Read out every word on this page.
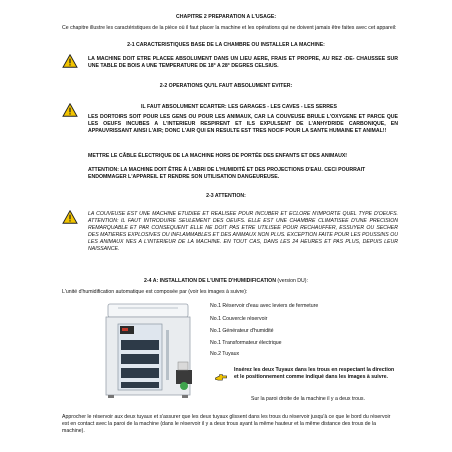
CHAPITRE 2 PREPARATION A L'USAGE:
Ce chapitre illustre les caractéristiques de la pièce où il faut placer la machine et les opérations qui ne doivent jamais être faites avec cet appareil:
2-1 CARACTERISTIQUES BASE DE LA CHAMBRE OU INSTALLER LA MACHINE:
LA MACHINE DOIT ETRE PLACEE ABSOLUMENT DANS UN LIEU AERE, FRAIS ET PROPRE, AU REZ -DE- CHAUSSEE SUR UNE TABLE DE BOIS A UNE TEMPERATURE DE 18° A 28° DEGRES CELSIUS.
2-2 OPERATIONS QU'IL FAUT ABSOLUMENT EVITER:
IL FAUT ABSOLUMENT ECARTER: LES GARAGES - LES CAVES - LES SERRES
LES DORTOIRS SOIT POUR LES GENS OU POUR LES ANIMAUX, CAR LA COUVEUSE BRULE L'OXYGENE ET PARCE QUE LES OEUFS INCUBES A L'INTERIEUR RESPIRENT ET ILS EXPULSENT DE L'ANHYDRIDE CARBONIQUE, EN APPAUVRISSANT AINSI L'AIR; DONC L'AIR QUI EN RESULTE EST TRES NOCIF POUR LA SANTE HUMAINE ET ANIMAL!!
METTRE LE CÂBLE ÉLECTRIQUE DE LA MACHINE HORS DE PORTÉE DES ENFANTS ET DES ANIMAUX!
ATTENTION: LA MACHINE DOIT ÊTRE À L'ABRI DE L'HUMIDITÉ ET DES PROJECTIONS D'EAU. CECI POURRAIT ENDOMMAGER L'APPAREIL ET RENDRE SON UTILISATION DANGEUREUSE.
2-3 ATTENTION:
LA COUVEUSE EST UNE MACHINE ETUDIEE ET REALISEE POUR INCUBER ET ECLORE N'IMPORTE QUEL TYPE D'OEUFS. ATTENTION: IL FAUT INTRODUIRE SEULEMENT DES OEUFS. ELLE EST UNE CHAMBRE CLIMATISEE D'UNE PRECISION REMARQUABLE ET PAR CONSEQUENT ELLE NE DOIT PAS ETRE UTILISEE POUR RECHAUFFER, ESSUYER OU SECHER DES MATIERES EXPLOSIVES OU INFLAMMABLES ET DES ANIMAUX NON PLUS. EXCEPTION FAITE POUR LES POUSSINS OU LES ANIMAUX NES A L'INTERIEUR DE LA MACHINE. EN TOUT CAS, DANS LES 24 HEURES ET PAS PLUS, DEPUIS LEUR NAISSANCE.
2-4 A: INSTALLATION DE L'UNITE D'HUMIDIFICATION (version DU):
L'unité d'humidification automatique est composée par (voir les images à suivre):
No.1 Réservoir d'eau avec leviers de fermeture
No.1 Couvercle réservoir
No.1 Générateur d'humidité
No.1 Transformateur électrique
No.2 Tuyaux
Insérez les deux Tuyaux dans les trous en respectant la direction et le positionnement comme indiqué dans les images à suivre.
Sur la paroi droite de la machine il y a deux trous.
Approcher le réservoir aux deux tuyaux et s'assurer que les deux tuyaux glissent dans les trous du réservoir jusqu'à ce que le bord du réservoir est en contact avec la paroi de la machine (dans le réservoir il y a deux trous ayant la même hauteur et la même distance des trous de la machine).
